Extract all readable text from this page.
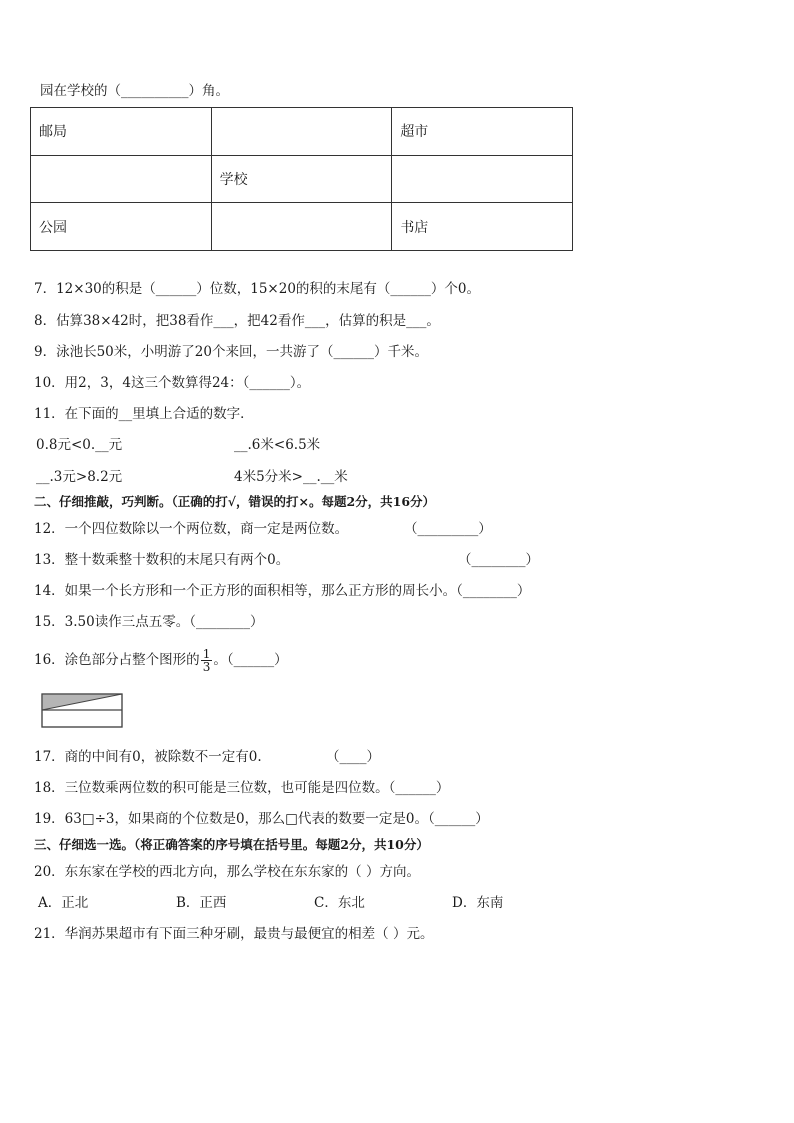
园在学校的（__________）角。
邮局		超市
	学校	
公园		书店
7．12×30的积是（______）位数，15×20的积的末尾有（______）个0。
8．估算38×42时，把38看作___，把42看作___，估算的积是___。
9．泳池长50米，小明游了20个来回，一共游了（______）千米。
10．用2，3，4这三个数算得24：（______）。
11．在下面的__里填上合适的数字．
0.8元<0.__元	__.6米<6.5米
__.3元>8.2元	4米5分米>__.__米
二、仔细推敲，巧判断。（正确的打√，错误的打×。每题2分，共16分）
12．一个四位数除以一个两位数，商一定是两位数。	（_________）
13．整十数乘整十数积的末尾只有两个0。	（________）
14．如果一个长方形和一个正方形的面积相等，那么正方形的周长小。（________）
15．3.50读作三点五零。（________）
16．涂色部分占整个图形的 $\frac{1}{3}$ 。（______）
17．商的中间有0，被除数不一定有0.	（____）
18．三位数乘两位数的积可能是三位数，也可能是四位数。（______）
19．63□÷3，如果商的个位数是0，那么□代表的数要一定是0。（______）
三、仔细选一选。（将正确答案的序号填在括号里。每题2分，共10分）
20．东东家在学校的西北方向，那么学校在东东家的（ ）方向。
A．正北	B．正西	C．东北	D．东南
21．华润苏果超市有下面三种牙刷，最贵与最便宜的相差（ ）元。
